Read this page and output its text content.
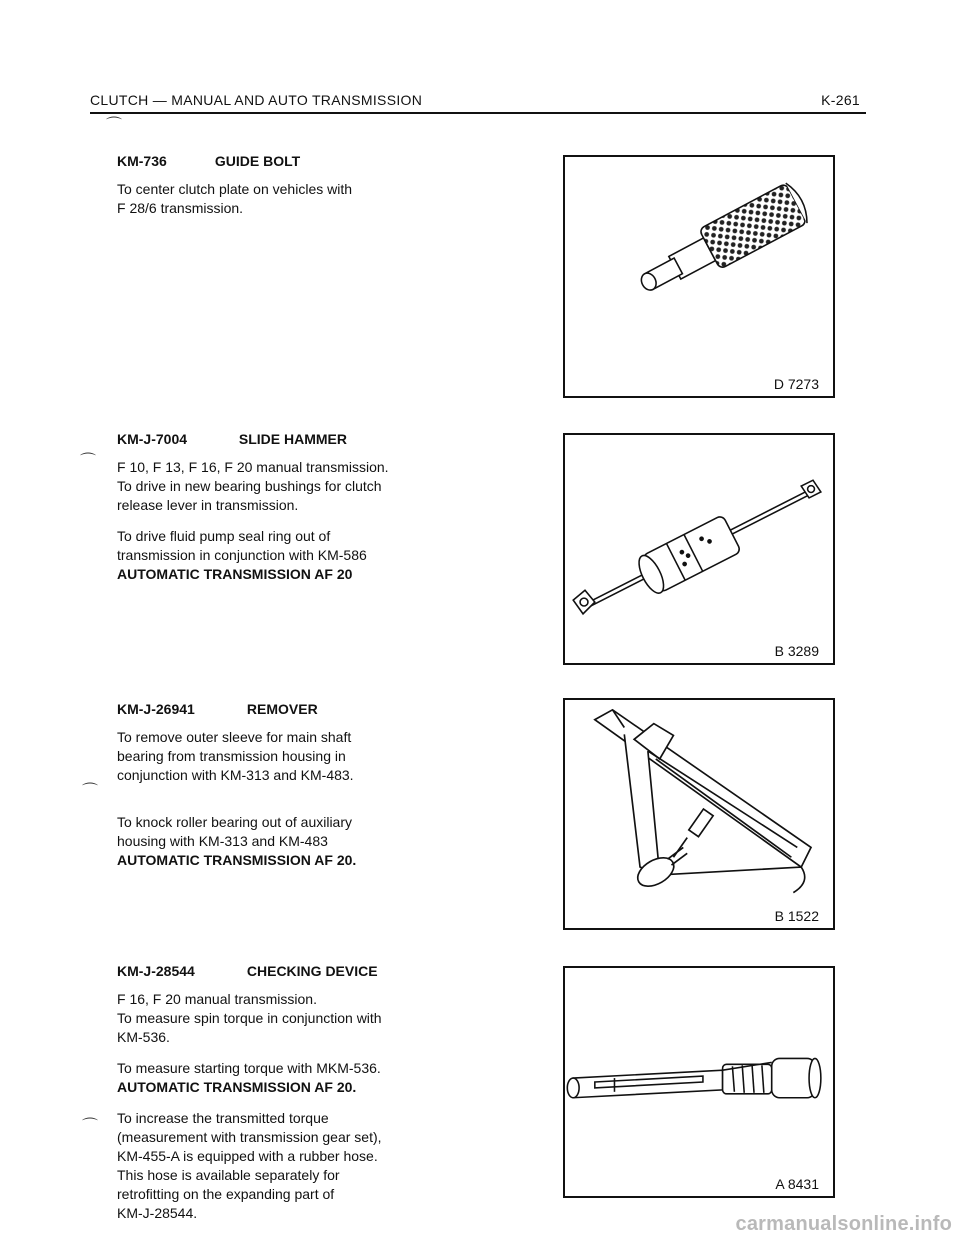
CLUTCH — MANUAL AND AUTO TRANSMISSION	K-261
⌒
⌒
⌒
⌒
KM-736	GUIDE BOLT

To center clutch plate on vehicles with
F 28/6 transmission.

KM-J-7004	SLIDE HAMMER

F 10, F 13, F 16, F 20 manual transmission.
To drive in new bearing bushings for clutch
release lever in transmission.

To drive fluid pump seal ring out of
transmission in conjunction with KM-586
AUTOMATIC TRANSMISSION AF 20

KM-J-26941	REMOVER

To remove outer sleeve for main shaft
bearing from transmission housing in
conjunction with KM-313 and KM-483.

To knock roller bearing out of auxiliary
housing with KM-313 and KM-483
AUTOMATIC TRANSMISSION AF 20.

KM-J-28544	CHECKING DEVICE

F 16, F 20 manual transmission.
To measure spin torque in conjunction with
KM-536.

To measure starting torque with MKM-536.
AUTOMATIC TRANSMISSION AF 20.

To increase the transmitted torque
(measurement with transmission gear set),
KM-455-A is equipped with a rubber hose.
This hose is available separately for
retrofitting on the expanding part of
KM-J-28544.

D 7273
B 3289
B 1522
A 8431
carmanualsonline.info
